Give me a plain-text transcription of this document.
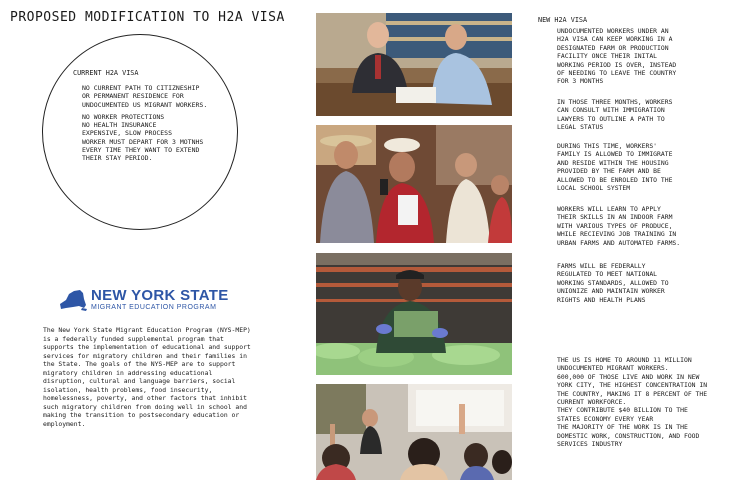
PROPOSED MODIFICATION TO H2A VISA
CURRENT H2A VISA

NO CURRENT PATH TO CITIZNESHIP
OR PERMANENT RESIDENCE FOR
UNDOCUMENTED US MIGRANT WORKERS.

NO WORKER PROTECTIONS
NO HEALTH INSURANCE
EXPENSIVE, SLOW PROCESS
WORKER MUST DEPART FOR 3 MOTNHS
EVERY TIME THEY WANT TO EXTEND
THEIR STAY PERIOD.

NEW YORK STATE
MIGRANT EDUCATION PROGRAM
The New York State Migrant Education Program (NYS-MEP)
is a federally funded supplemental program that
supports the implementation of educational and support
services for migratory children and their families in
the State. The goals of the NYS-MEP are to support
migratory children in addressing educational
disruption, cultural and language barriers, social
isolation, health problems, food insecurity,
homelessness, poverty, and other factors that inhibit
such migratory children from doing well in school and
making the transition to postsecondary education or
employment.
NEW H2A VISA
UNDOCUMENTED WORKERS UNDER AN
H2A VISA CAN KEEP WORKING IN A
DESIGNATED FARM OR PRODUCTION
FACILITY ONCE THEIR INITAL
WORKING PERIOD IS OVER, INSTEAD
OF NEEDING TO LEAVE THE COUNTRY
FOR 3 MONTHS
IN THOSE THREE MONTHS, WORKERS
CAN CONSULT WITH IMMIGRATION
LAWYERS TO OUTLINE A PATH TO
LEGAL STATUS
DURING THIS TIME, WORKERS'
FAMILY IS ALLOWED TO IMMIGRATE
AND RESIDE WITHIN THE HOUSING
PROVIDED BY THE FARM AND BE
ALLOWED TO BE ENROLED INTO THE
LOCAL SCHOOL SYSTEM
WORKERS WILL LEARN TO APPLY
THEIR SKILLS IN AN INDOOR FARM
WITH VARIOUS TYPES OF PRODUCE,
WHILE RECIEVING JOB TRAINING IN
URBAN FARMS AND AUTOMATED FARMS.
FARMS WILL BE FEDERALLY
REGULATED TO MEET NATIONAL
WORKING STANDARDS, ALLOWED TO
UNIONIZE AND MAINTAIN WORKER
RIGHTS AND HEALTH PLANS
THE US IS HOME TO AROUND 11 MILLION
UNDOCUMENTED MIGRANT WORKERS.
600,000 OF THOSE LIVE AND WORK IN NEW
YORK CITY, THE HIGHEST CONCENTRATION IN
THE COUNTRY, MAKING IT 8 PERCENT OF THE
CURRENT WORKFORCE.
THEY CONTRIBUTE $40 BILLION TO THE
STATES ECONOMY EVERY YEAR
THE MAJORITY OF THE WORK IS IN THE
DOMESTIC WORK, CONSTRUCTION, AND FOOD
SERVICES INDUSTRY
